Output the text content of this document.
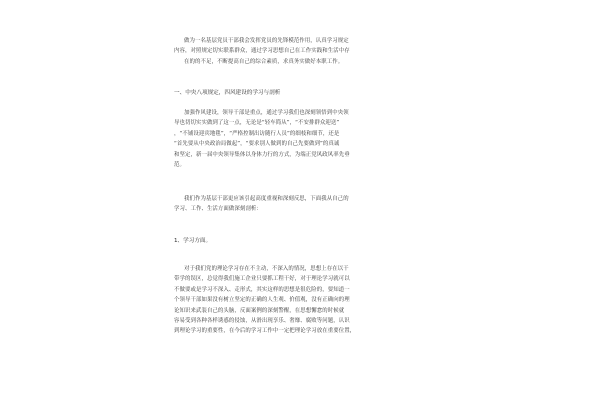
做为一名基层党员干部我会发挥党员的先锋模范作用，认真学习规定
内容，对照规定切实联系群众，通过学习思想自己在工作实践和生活中存
在的的不足，不断提高自己的综合素质，求真务实做好本职工作。
一、中央八项规定，四风建设的学习与剖析
加强作风建设，领导干部是重点，通过学习我们也深刻领悟到中央领
导也切切实实做到了这一点，无论是“轻车简从”，“不安排群众迎送”
，“不铺设迎宾地毯”，“严格控制出访随行人员”的细枝和细节，还是
“首先要从中央政治局做起”，“要求别人做到的自己先要做到”的真诚
和坚定，新一届中央领导集体以身体力行的方式，为端正党风政风率先垂
范。
我们作为基层干部更应该引起高度重视和深刻反思，下面我从自己的
学习、工作、生活方面做深刻剖析：
1、学习方面。
对于我们党的理论学习存在不主动，不深入的情况，思想上存在以干
带学的误区，总觉得我们施工企业只要抓工程干好，对于理论学习就可以
不做要或是学习不深入、走形式，其实这样的思想是很危险的，要知道一
个领导干部如果没有树立坚定的正确的人生观、价值观，没有正确向的理
论知识来武装自己的头脑，反面案例的深刻警醒，在思想懈怠的时候就
容易受到各种各样诱惑的侵蚀，从滑出现享乐、奢靡、腐败等问题，认识
到理论学习的重要性，在今后的学习工作中一定把理论学习放在重要位置，
